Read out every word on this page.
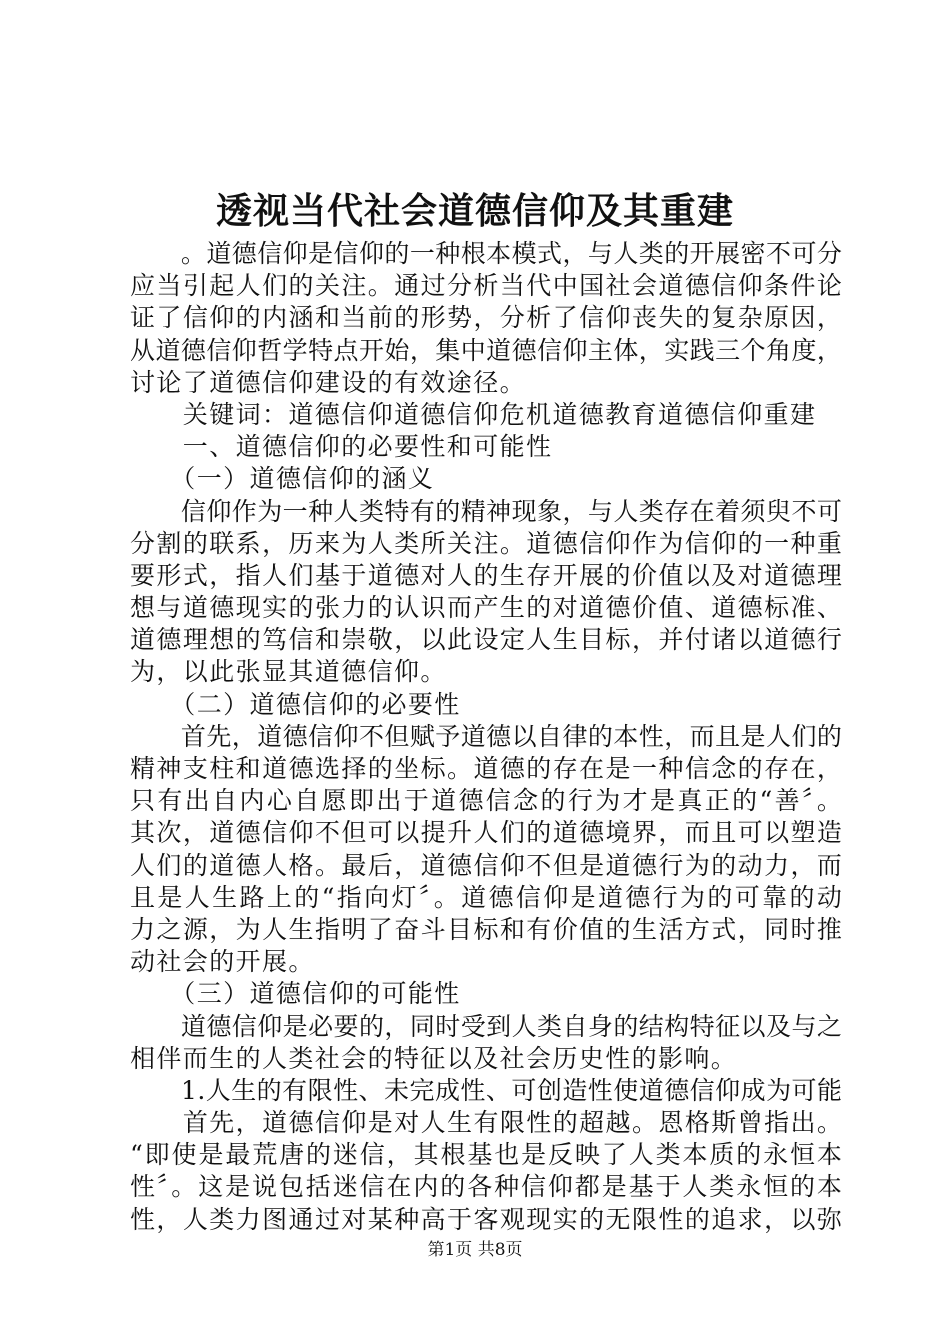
透视当代社会道德信仰及其重建
　　。道德信仰是信仰的一种根本模式，与人类的开展密不可分
应当引起人们的关注。通过分析当代中国社会道德信仰条件论
证了信仰的内涵和当前的形势，分析了信仰丧失的复杂原因，
从道德信仰哲学特点开始，集中道德信仰主体，实践三个角度，
讨论了道德信仰建设的有效途径。
　　关键词：道德信仰道德信仰危机道德教育道德信仰重建
　　一、道德信仰的必要性和可能性
　　（一）道德信仰的涵义
　　信仰作为一种人类特有的精神现象，与人类存在着须臾不可
分割的联系，历来为人类所关注。道德信仰作为信仰的一种重
要形式，指人们基于道德对人的生存开展的价值以及对道德理
想与道德现实的张力的认识而产生的对道德价值、道德标准、
道德理想的笃信和崇敬，以此设定人生目标，并付诸以道德行
为，以此张显其道德信仰。
　　（二）道德信仰的必要性
　　首先，道德信仰不但赋予道德以自律的本性，而且是人们的
精神支柱和道德选择的坐标。道德的存在是一种信念的存在，
只有出自内心自愿即出于道德信念的行为才是真正的“善〞。
其次，道德信仰不但可以提升人们的道德境界，而且可以塑造
人们的道德人格。最后，道德信仰不但是道德行为的动力，而
且是人生路上的“指向灯〞。道德信仰是道德行为的可靠的动
力之源，为人生指明了奋斗目标和有价值的生活方式，同时推
动社会的开展。
　　（三）道德信仰的可能性
　　道德信仰是必要的，同时受到人类自身的结构特征以及与之
相伴而生的人类社会的特征以及社会历史性的影响。
　　1.人生的有限性、未完成性、可创造性使道德信仰成为可能
　　首先，道德信仰是对人生有限性的超越。恩格斯曾指出。
“即使是最荒唐的迷信，其根基也是反映了人类本质的永恒本
性〞。这是说包括迷信在内的各种信仰都是基于人类永恒的本
性，人类力图通过对某种高于客观现实的无限性的追求，以弥
第1页 共8页
